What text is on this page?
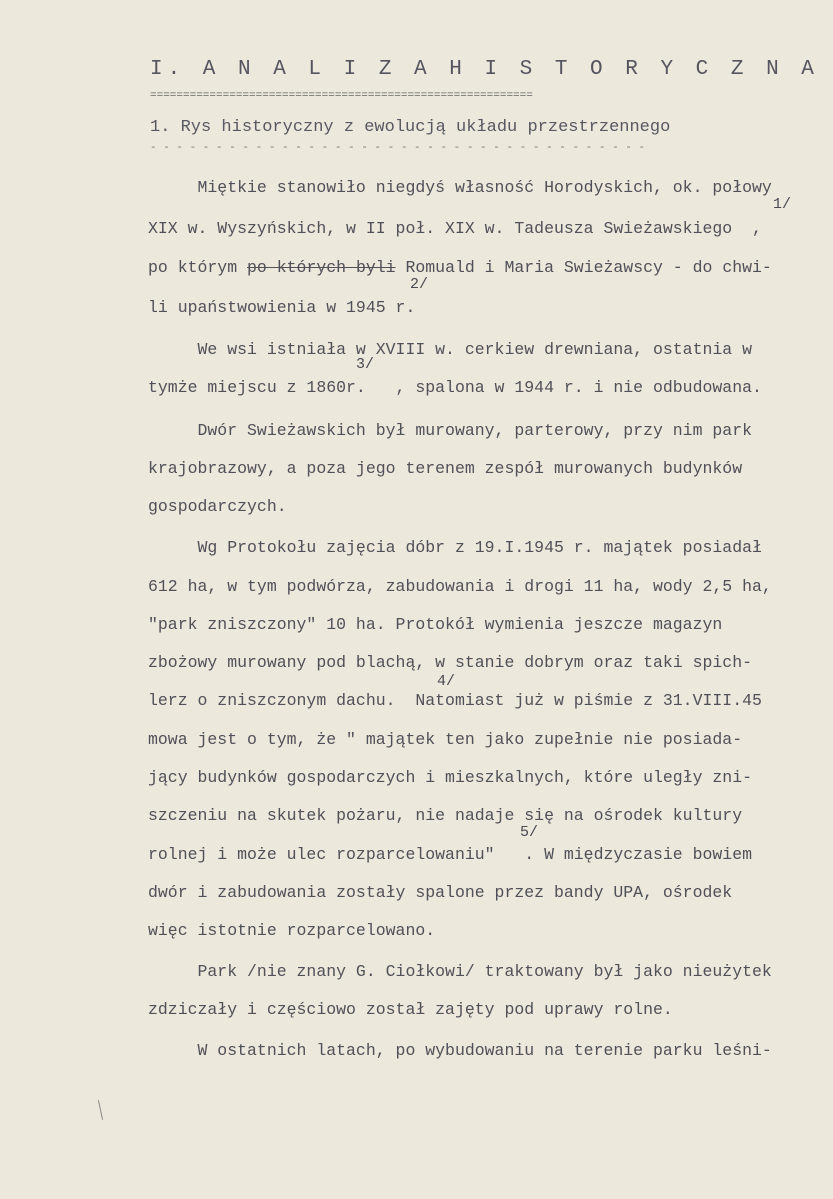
I. A N A L I Z A H I S T O R Y C Z N A
==========================================================
1. Rys historyczny z ewolucją układu przestrzennego
- - - - - - - - - - - - - - - - - - - - - - - - - - - - - - - - - - - - - -
Miętkie stanowiło niegdyś własność Horodyskich, ok. połowy
1/
XIX w. Wyszyńskich, w II poł. XIX w. Tadeusza Swieżawskiego  ,
po którym po których byli Romuald i Maria Swieżawscy - do chwi-
2/
li upaństwowienia w 1945 r.
We wsi istniała w XVIII w. cerkiew drewniana, ostatnia w
3/
tymże miejscu z 1860r.   , spalona w 1944 r. i nie odbudowana.
Dwór Swieżawskich był murowany, parterowy, przy nim park
krajobrazowy, a poza jego terenem zespół murowanych budynków
gospodarczych.
Wg Protokołu zajęcia dóbr z 19.I.1945 r. majątek posiadał
612 ha, w tym podwórza, zabudowania i drogi 11 ha, wody 2,5 ha,
"park zniszczony" 10 ha. Protokół wymienia jeszcze magazyn
zbożowy murowany pod blachą, w stanie dobrym oraz taki spich-
4/
lerz o zniszczonym dachu.  Natomiast już w piśmie z 31.VIII.45
mowa jest o tym, że " majątek ten jako zupełnie nie posiada-
jący budynków gospodarczych i mieszkalnych, które uległy zni-
szczeniu na skutek pożaru, nie nadaje się na ośrodek kultury
5/
rolnej i może ulec rozparcelowaniu"   . W międzyczasie bowiem
dwór i zabudowania zostały spalone przez bandy UPA, ośrodek
więc istotnie rozparcelowano.
Park /nie znany G. Ciołkowi/ traktowany był jako nieużytek
zdziczały i częściowo został zajęty pod uprawy rolne.
W ostatnich latach, po wybudowaniu na terenie parku leśni-
